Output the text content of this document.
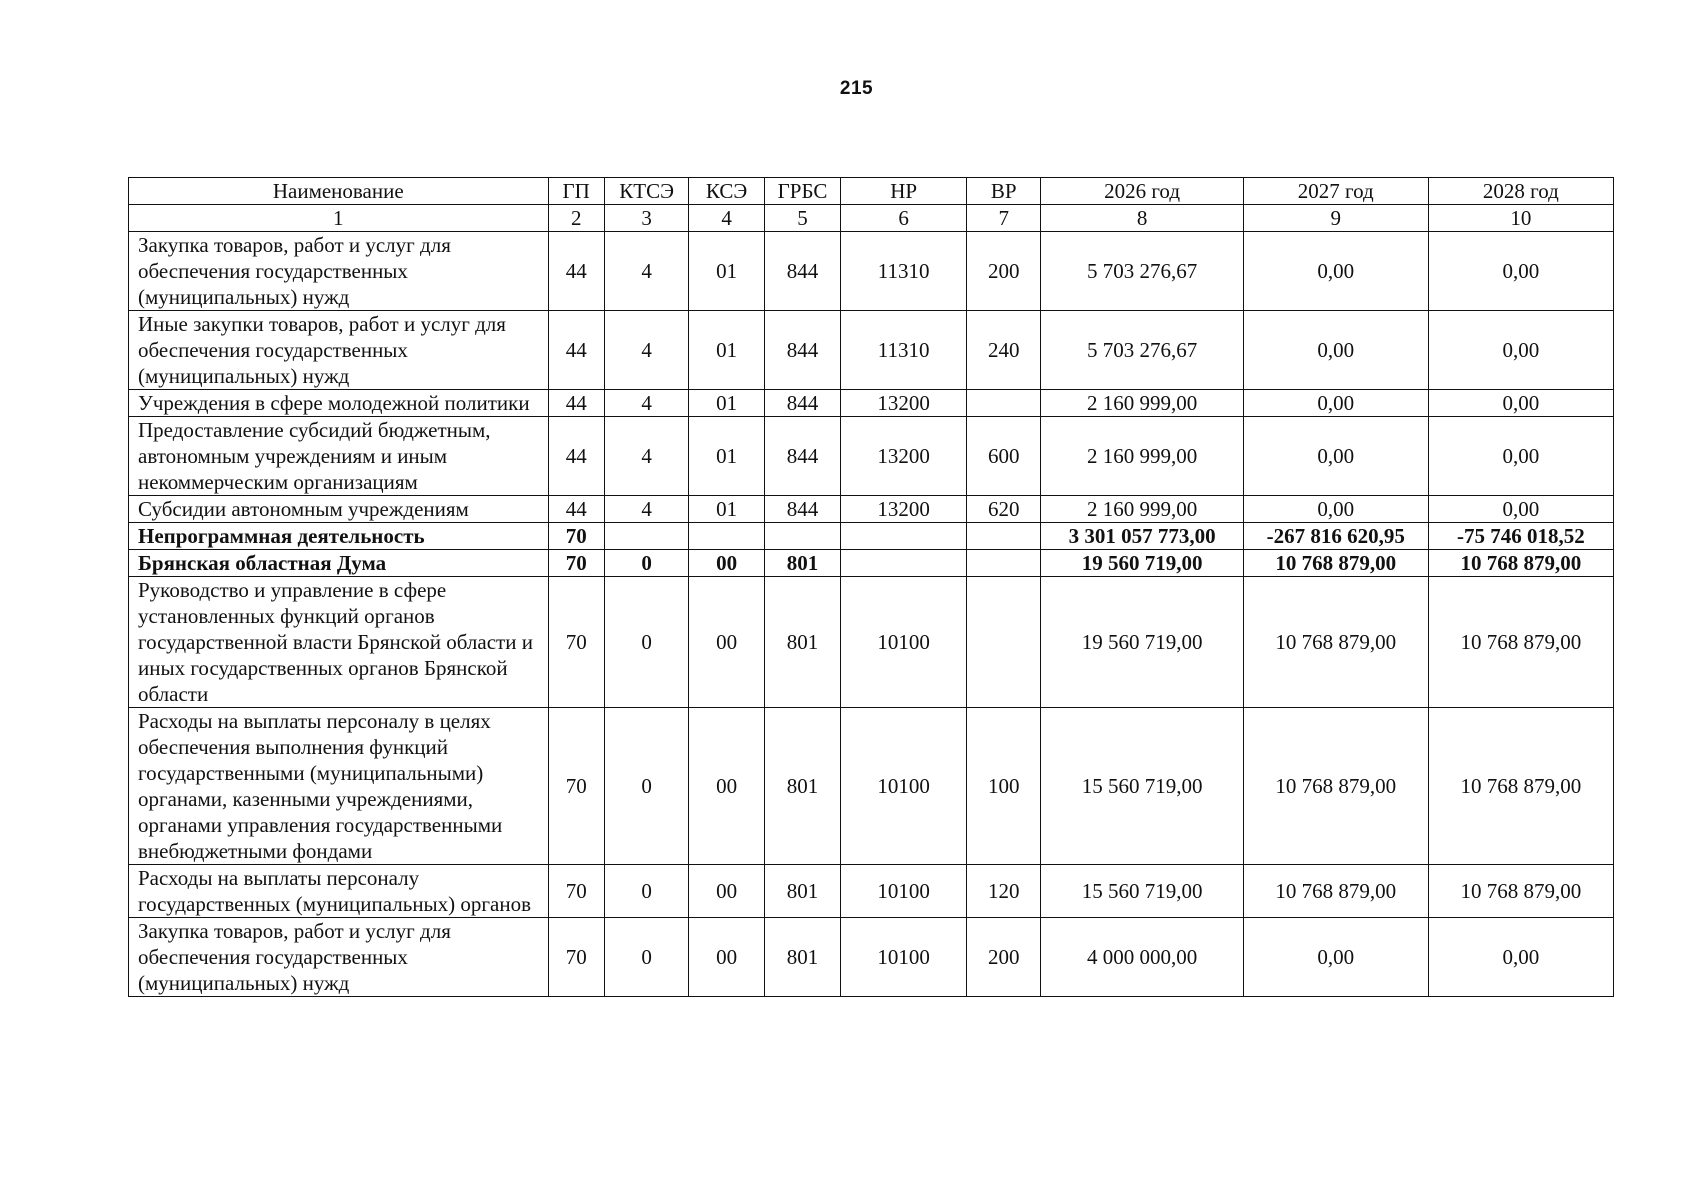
215
Наименование	ГП	КТСЭ	КСЭ	ГРБС	НР	ВР	2026 год	2027 год	2028 год
1	2	3	4	5	6	7	8	9	10
Закупка товаров, работ и услуг для обеспечения государственных (муниципальных) нужд	44	4	01	844	11310	200	5 703 276,67	0,00	0,00
Иные закупки товаров, работ и услуг для обеспечения государственных (муниципальных) нужд	44	4	01	844	11310	240	5 703 276,67	0,00	0,00
Учреждения в сфере молодежной политики	44	4	01	844	13200		2 160 999,00	0,00	0,00
Предоставление субсидий бюджетным, автономным учреждениям и иным некоммерческим организациям	44	4	01	844	13200	600	2 160 999,00	0,00	0,00
Субсидии автономным учреждениям	44	4	01	844	13200	620	2 160 999,00	0,00	0,00
Непрограммная деятельность	70						3 301 057 773,00	-267 816 620,95	-75 746 018,52
Брянская областная Дума	70	0	00	801			19 560 719,00	10 768 879,00	10 768 879,00
Руководство и управление в сфере установленных функций органов государственной власти Брянской области и иных государственных органов Брянской области	70	0	00	801	10100		19 560 719,00	10 768 879,00	10 768 879,00
Расходы на выплаты персоналу в целях обеспечения выполнения функций государственными (муниципальными) органами, казенными учреждениями, органами управления государственными внебюджетными фондами	70	0	00	801	10100	100	15 560 719,00	10 768 879,00	10 768 879,00
Расходы на выплаты персоналу государственных (муниципальных) органов	70	0	00	801	10100	120	15 560 719,00	10 768 879,00	10 768 879,00
Закупка товаров, работ и услуг для обеспечения государственных (муниципальных) нужд	70	0	00	801	10100	200	4 000 000,00	0,00	0,00
